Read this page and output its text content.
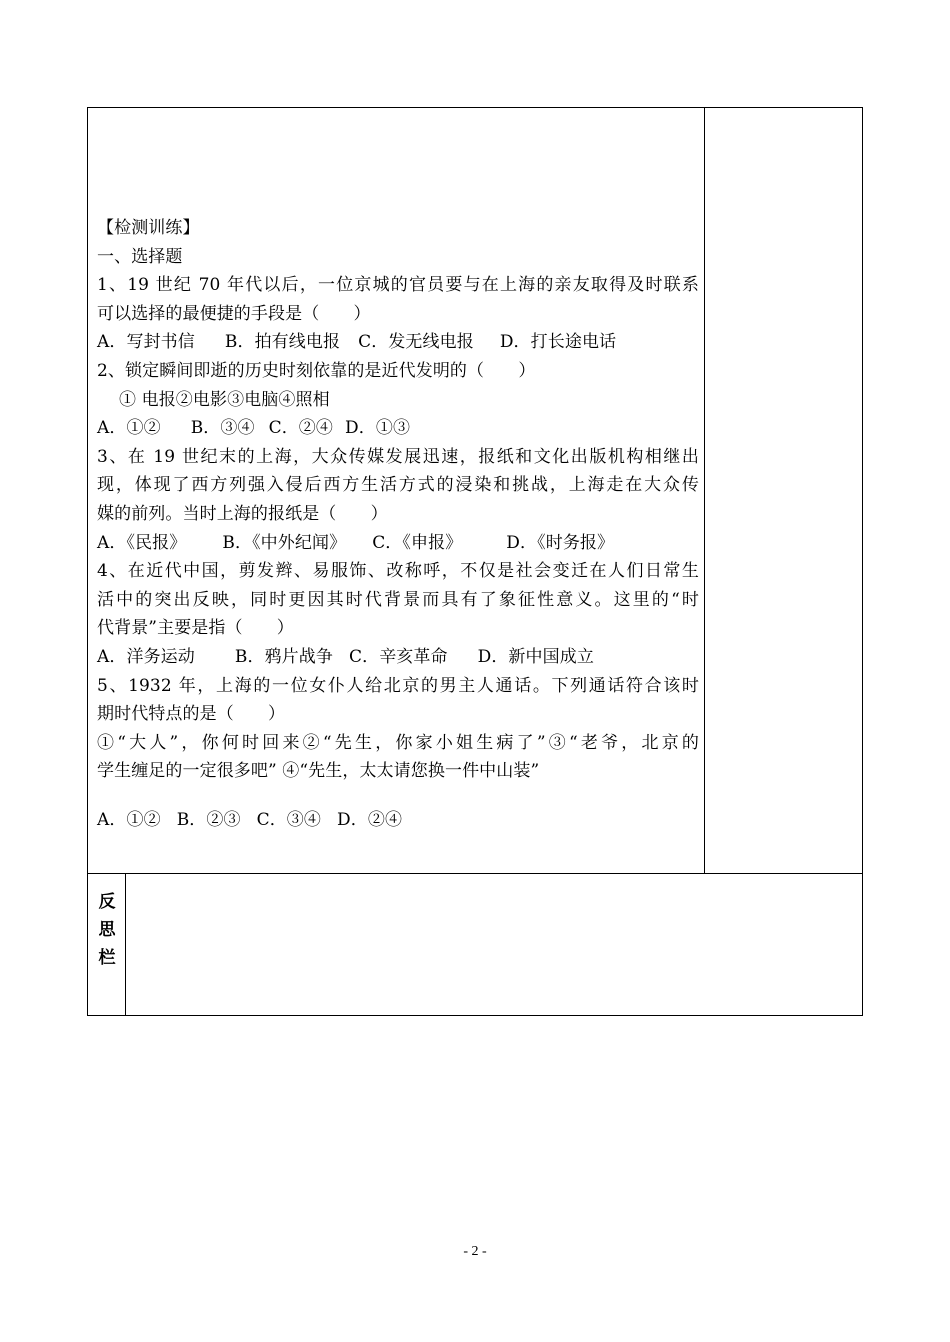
【检测训练】
一、选择题
1、19 世纪 70 年代以后，一位京城的官员要与在上海的亲友取得及时联系
可以选择的最便捷的手段是（　　）
A．写封书信 B．拍有线电报 C．发无线电报 D．打长途电话
2、锁定瞬间即逝的历史时刻依靠的是近代发明的（　　）
① 电报②电影③电脑④照相
A．①② B．③④ C．②④ D．①③
3、在 19 世纪末的上海，大众传媒发展迅速，报纸和文化出版机构相继出
现，体现了西方列强入侵后西方生活方式的浸染和挑战，上海走在大众传
媒的前列。当时上海的报纸是（　　）
A．《民报》 B．《中外纪闻》 C．《申报》	D．《时务报》
4、在近代中国，剪发辫、易服饰、改称呼，不仅是社会变迁在人们日常生
活中的突出反映，同时更因其时代背景而具有了象征性意义。这里的“时
代背景”主要是指（　　）
A．洋务运动 B．鸦片战争 C．辛亥革命 D．新中国成立
5、1932 年，上海的一位女仆人给北京的男主人通话。下列通话符合该时
期时代特点的是（　　）
①“大人”，你何时回来②“先生，你家小姐生病了”③“老爷，北京的
学生缠足的一定很多吧” ④“先生，太太请您换一件中山装”
A．①② B．②③ C．③④ D．②④
反
思
栏
- 2 -
